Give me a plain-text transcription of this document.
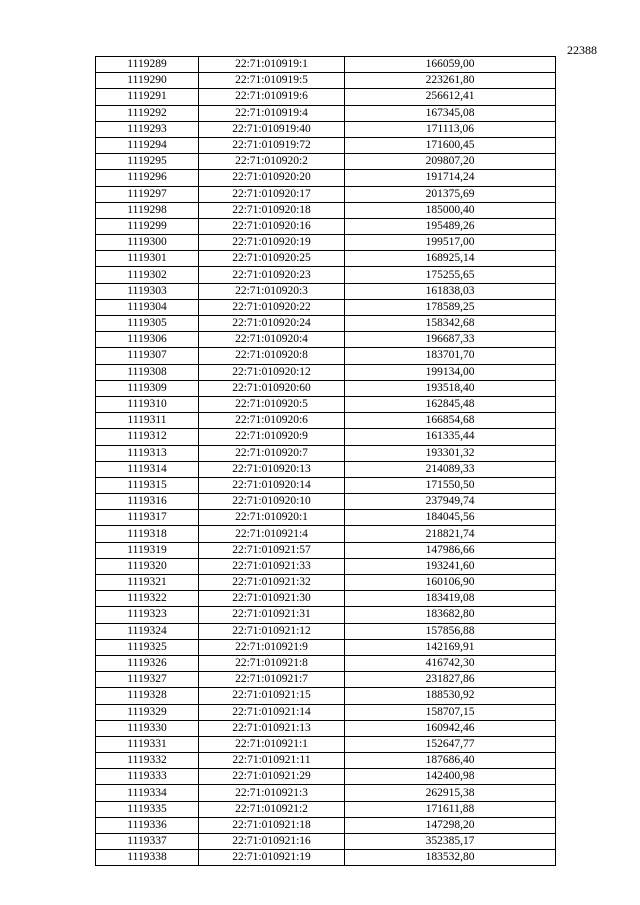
22388
1119289	22:71:010919:1	166059,00
1119290	22:71:010919:5	223261,80
1119291	22:71:010919:6	256612,41
1119292	22:71:010919:4	167345,08
1119293	22:71:010919:40	171113,06
1119294	22:71:010919:72	171600,45
1119295	22:71:010920:2	209807,20
1119296	22:71:010920:20	191714,24
1119297	22:71:010920:17	201375,69
1119298	22:71:010920:18	185000,40
1119299	22:71:010920:16	195489,26
1119300	22:71:010920:19	199517,00
1119301	22:71:010920:25	168925,14
1119302	22:71:010920:23	175255,65
1119303	22:71:010920:3	161838,03
1119304	22:71:010920:22	178589,25
1119305	22:71:010920:24	158342,68
1119306	22:71:010920:4	196687,33
1119307	22:71:010920:8	183701,70
1119308	22:71:010920:12	199134,00
1119309	22:71:010920:60	193518,40
1119310	22:71:010920:5	162845,48
1119311	22:71:010920:6	166854,68
1119312	22:71:010920:9	161335,44
1119313	22:71:010920:7	193301,32
1119314	22:71:010920:13	214089,33
1119315	22:71:010920:14	171550,50
1119316	22:71:010920:10	237949,74
1119317	22:71:010920:1	184045,56
1119318	22:71:010921:4	218821,74
1119319	22:71:010921:57	147986,66
1119320	22:71:010921:33	193241,60
1119321	22:71:010921:32	160106,90
1119322	22:71:010921:30	183419,08
1119323	22:71:010921:31	183682,80
1119324	22:71:010921:12	157856,88
1119325	22:71:010921:9	142169,91
1119326	22:71:010921:8	416742,30
1119327	22:71:010921:7	231827,86
1119328	22:71:010921:15	188530,92
1119329	22:71:010921:14	158707,15
1119330	22:71:010921:13	160942,46
1119331	22:71:010921:1	152647,77
1119332	22:71:010921:11	187686,40
1119333	22:71:010921:29	142400,98
1119334	22:71:010921:3	262915,38
1119335	22:71:010921:2	171611,88
1119336	22:71:010921:18	147298,20
1119337	22:71:010921:16	352385,17
1119338	22:71:010921:19	183532,80
